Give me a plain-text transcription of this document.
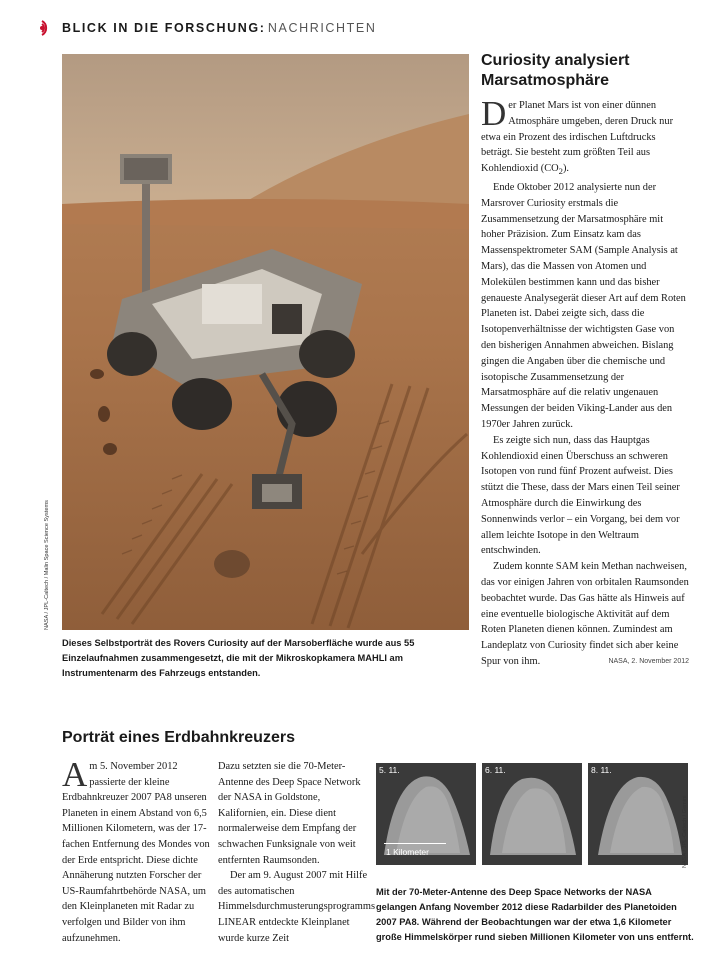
BLICK IN DIE FORSCHUNG : NACHRICHTEN
NASA / JPL-Caltech / Malin Space Science Systems
Dieses Selbstporträt des Rovers Curiosity auf der Marsoberfläche wurde aus 55 Einzelaufnahmen zusammengesetzt, die mit der Mikroskopkamera MAHLI am Instrumentenarm des Fahrzeugs entstanden.
Curiosity analysiert Marsatmosphäre

Der Planet Mars ist von einer dünnen Atmosphäre umgeben, deren Druck nur etwa ein Prozent des irdischen Luftdrucks beträgt. Sie besteht zum größten Teil aus Kohlendioxid $(CO_2)$.

Ende Oktober 2012 analysierte nun der Marsrover Curiosity erstmals die Zusammensetzung der Marsatmosphäre mit hoher Präzision. Zum Einsatz kam das Massenspektrometer SAM (Sample Analysis at Mars), das die Massen von Atomen und Molekülen bestimmen kann und das bisher genaueste Analysegerät dieser Art auf dem Roten Planeten ist. Dabei zeigte sich, dass die Isotopenverhältnisse der wichtigsten Gase von den bisherigen Annahmen abweichen. Bislang gingen die Angaben über die chemische und isotopische Zusammensetzung der Marsatmosphäre auf die relativ ungenauen Messungen der beiden Viking-Lander aus den 1970er Jahren zurück.

Es zeigte sich nun, dass das Hauptgas Kohlendioxid einen Überschuss an schweren Isotopen von rund fünf Prozent aufweist. Dies stützt die These, dass der Mars einen Teil seiner Atmosphäre durch die Einwirkung des Sonnenwinds verlor – ein Vorgang, bei dem vor allem leichte Isotope in den Weltraum entschwinden.

Zudem konnte SAM kein Methan nachweisen, das vor einigen Jahren von orbitalen Raumsonden beobachtet wurde. Das Gas hätte als Hinweis auf eine eventuelle biologische Aktivität auf dem Roten Planeten dienen können. Zumindest am Landeplatz von Curiosity findet sich aber keine Spur von ihm.	NASA, 2. November 2012

Porträt eines Erdbahnkreuzers

Am 5. November 2012 passierte der kleine Erdbahnkreuzer 2007 PA8 unseren Planeten in einem Abstand von 6,5 Millionen Kilometern, was der 17-fachen Entfernung des Mondes von der Erde entspricht. Diese dichte Annäherung nutzten Forscher der US-Raumfahrtbehörde NASA, um den Kleinplaneten mit Radar zu verfolgen und Bilder von ihm aufzunehmen.

Dazu setzten sie die 70-Meter-Antenne des Deep Space Network der NASA in Goldstone, Kalifornien, ein. Diese dient normalerweise dem Empfang der schwachen Funksignale von weit entfernten Raumsonden.

Der am 9. August 2007 mit Hilfe des automatischen Himmelsdurchmusterungsprogramms LINEAR entdeckte Kleinplanet wurde kurze Zeit

5. 11.
1 Kilometer
6. 11.	8. 11.
NASA / JPL-Caltech / Gemini
Mit der 70-Meter-Antenne des Deep Space Networks der NASA gelangen Anfang November 2012 diese Radarbilder des Planetoiden 2007 PA8. Während der Beobachtungen war der etwa 1,6 Kilometer große Himmelskörper rund sieben Millionen Kilometer von uns entfernt.
